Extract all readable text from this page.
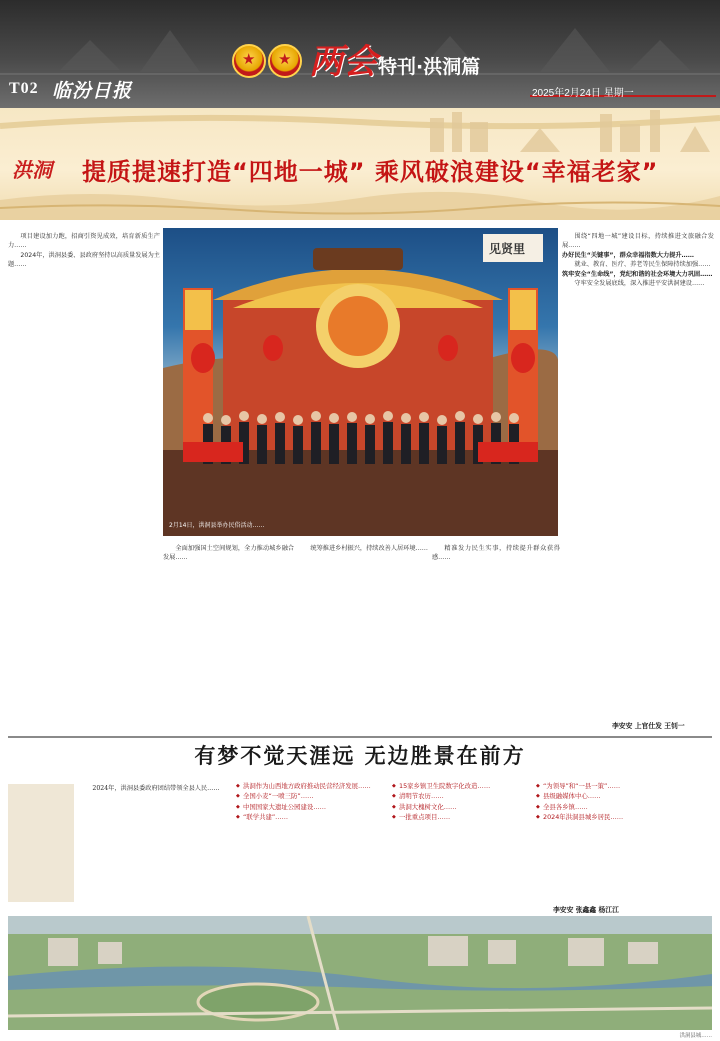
T02 临汾日报
★
★
两会 特刊·洪洞篇
2025年2月24日 星期一
洪洞 提质提速打造“四地一城” 乘风破浪建设“幸福老家”

项目建设加力跑，招商引资见成效，培育新质生产力……

2024年，洪洞县委、县政府坚持以高质量发展为主题……

见贤里
2月14日，洪洞县举办民俗活动……

全面加强国土空间规划，全力推动城乡融合发展……

统筹推进乡村振兴，持续改善人居环境……	精准发力民生实事，持续提升群众获得感……

围绕“四地一城”建设目标，持续推进文旅融合发展……

办好民生“关键事”，群众幸福指数大力提升……

就业、教育、医疗、养老等民生保障持续加强……

筑牢安全“生命线”，党纪和谐的社会环境大力巩固……

守牢安全发展底线，深入推进平安洪洞建设……

李安安 上官仕发 王钊一
有梦不觉天涯远 无边胜景在前方

2024年，洪洞县委政府团结带领全县人民……

◆	洪洞作为山西地方政府推动民营经济发展……
◆ 全国小麦“一喷三防”……
◆ 中国国家大遗址公园建设……
◆ “联学共建”……
◆ 15家乡镇卫生院数字化改造……
◆ 清明节农历……
◆ 洪洞大槐树文化……
◆ 一批重点项目……
◆ “为领导”和“一县一策”……
◆ 县级融媒体中心……
◆ 全县各乡镇……
◆ 2024年洪洞县城乡居民……
李安安 张鑫鑫 杨江江
洪洞县城……
